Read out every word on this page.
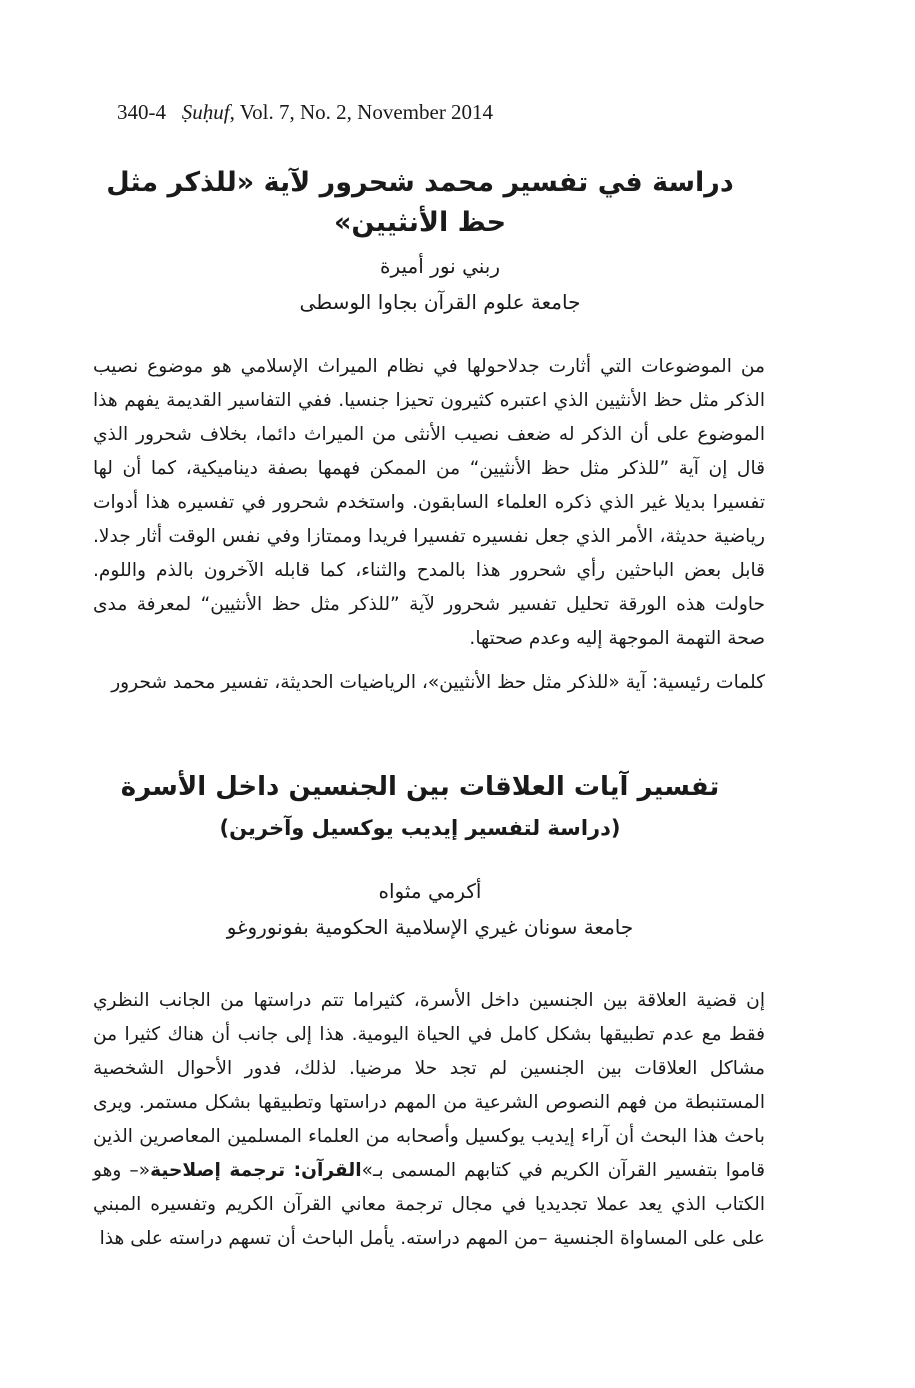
340-4 Ṣuḥuf, Vol. 7, No. 2, November 2014
دراسة في تفسير محمد شحرور لآية «للذكر مثل حظ الأنثيين»
ربني نور أميرة
جامعة علوم القرآن بجاوا الوسطى

من الموضوعات التي أثارت جدلاحولها في نظام الميراث الإسلامي هو موضوع نصيب الذكر مثل حظ الأنثيين الذي اعتبره كثيرون تحيزا جنسيا. ففي التفاسير القديمة يفهم هذا الموضوع على أن الذكر له ضعف نصيب الأنثى من الميراث دائما، بخلاف شحرور الذي قال إن آية ”للذكر مثل حظ الأنثيين“ من الممكن فهمها بصفة ديناميكية، كما أن لها تفسيرا بديلا غير الذي ذكره العلماء السابقون. واستخدم شحرور في تفسيره هذا أدوات رياضية حديثة، الأمر الذي جعل نفسيره تفسيرا فريدا وممتازا وفي نفس الوقت أثار جدلا. قابل بعض الباحثين رأي شحرور هذا بالمدح والثناء، كما قابله الآخرون بالذم واللوم. حاولت هذه الورقة تحليل تفسير شحرور لآية ”للذكر مثل حظ الأنثيين“ لمعرفة مدى صحة التهمة الموجهة إليه وعدم صحتها.

كلمات رئيسية: آية «للذكر مثل حظ الأنثيين»، الرياضيات الحديثة، تفسير محمد شحرور
تفسير آيات العلاقات بين الجنسين داخل الأسرة
(دراسة لتفسير إيديب يوكسيل وآخرين)
أكرمي مثواه
جامعة سونان غيري الإسلامية الحكومية بفونوروغو

إن قضية العلاقة بين الجنسين داخل الأسرة، كثيراما تتم دراستها من الجانب النظري فقط مع عدم تطبيقها بشكل كامل في الحياة اليومية. هذا إلى جانب أن هناك كثيرا من مشاكل العلاقات بين الجنسين لم تجد حلا مرضيا. لذلك، فدور الأحوال الشخصية المستنبطة من فهم النصوص الشرعية من المهم دراستها وتطبيقها بشكل مستمر. ويرى باحث هذا البحث أن آراء إيديب يوكسيل وأصحابه من العلماء المسلمين المعاصرين الذين قاموا بتفسير القرآن الكريم في كتابهم المسمى بـ»القرآن: ترجمة إصلاحية«– وهو الكتاب الذي يعد عملا تجديديا في مجال ترجمة معاني القرآن الكريم وتفسيره المبني على على المساواة الجنسية –من المهم دراسته. يأمل الباحث أن تسهم دراسته على هذا
